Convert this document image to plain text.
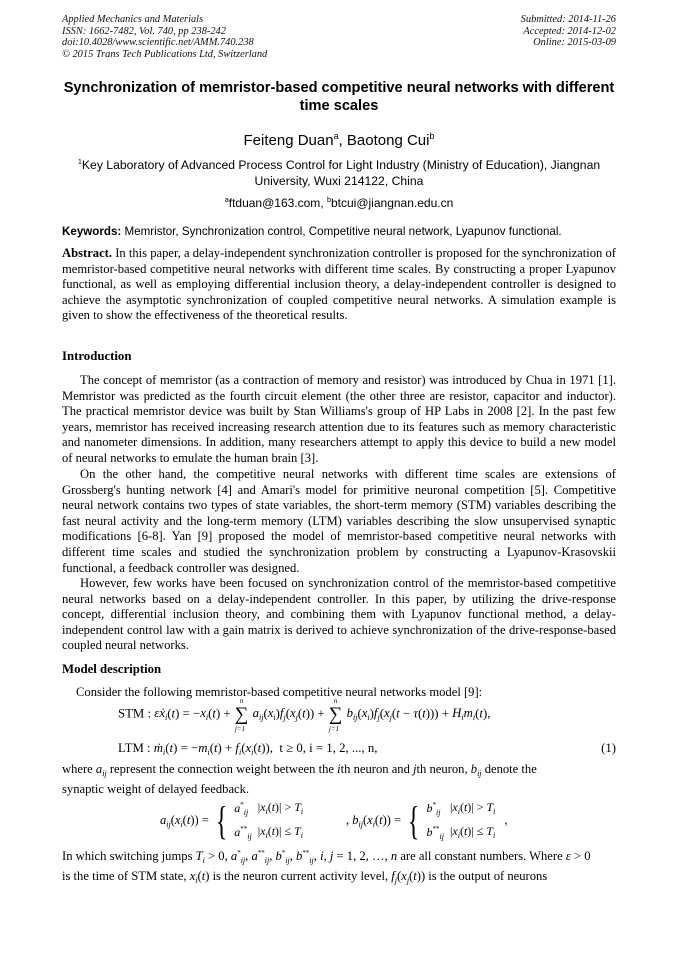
Applied Mechanics and Materials
ISSN: 1662-7482, Vol. 740, pp 238-242
doi:10.4028/www.scientific.net/AMM.740.238
© 2015 Trans Tech Publications Ltd, Switzerland
Submitted: 2014-11-26
Accepted: 2014-12-02
Online: 2015-03-09
Synchronization of memristor-based competitive neural networks with different time scales
Feiteng Duan$^a$, Baotong Cui$^b$
$^1$Key Laboratory of Advanced Process Control for Light Industry (Ministry of Education), Jiangnan University, Wuxi 214122, China
$^a$ftduan@163.com, $^b$btcui@jiangnan.edu.cn
Keywords: Memristor, Synchronization control, Competitive neural network, Lyapunov functional.

Abstract. In this paper, a delay-independent synchronization controller is proposed for the synchronization of memristor-based competitive neural networks with different time scales. By constructing a proper Lyapunov functional, as well as employing differential inclusion theory, a delay-independent controller is designed to achieve the asymptotic synchronization of coupled competitive neural networks. A simulation example is given to show the effectiveness of the theoretical results.

Introduction

The concept of memristor (as a contraction of memory and resistor) was introduced by Chua in 1971 [1]. Memristor was predicted as the fourth circuit element (the other three are resistor, capacitor and inductor). The practical memristor device was built by Stan Williams's group of HP Labs in 2008 [2]. In the past few years, memristor has received increasing research attention due to its features such as memory characteristic and nanometer dimensions. In addition, many researchers attempt to apply this device to build a new model of neural networks to emulate the human brain [3].

On the other hand, the competitive neural networks with different time scales are extensions of Grossberg's hunting network [4] and Amari's model for primitive neuronal competition [5]. Competitive neural network contains two types of state variables, the short-term memory (STM) variables describing the fast neural activity and the long-term memory (LTM) variables describing the slow unsupervised synaptic modifications [6-8]. Yan [9] proposed the model of memristor-based competitive neural networks with different time scales and studied the synchronization problem by constructing a Lyapunov-Krasovskii functional, a feedback controller was designed.

However, few works have been focused on synchronization control of the memristor-based competitive neural networks based on a delay-independent controller. In this paper, by utilizing the drive-response concept, differential inclusion theory, and combining them with Lyapunov functional method, a delay-independent control law with a gain matrix is derived to achieve synchronization of the drive-response-based coupled neural networks.

Model description

Consider the following memristor-based competitive neural networks model [9]:

STM : εẋ$_i$(t) = $-x_i(t)$ + ∑
n
j=1
$a_{ij}(x_i)f_j(x_j(t))$ + ∑
n
j=1
$b_{ij}(x_i)f_j(x_j(t - \tau(t))) + H_im_i(t)$,
LTM : ṁ$_i$(t) = $-m_i(t) + f_i(x_i(t))$,  t ≥ 0, i = 1, 2, ..., n,	(1)

where $a_{ij}$ represent the connection weight between the ith neuron and jth neuron, $b_{ij}$ denote the
synaptic weight of delayed feedback.

$a_{ij}(x_i(t))$ = { $a^*_{ij}$	$|x_i(t)| > T_i$
$a^{**}_{ij}$	$|x_i(t)| \le T_i$
, $b_{ij}(x_i(t))$ = { $b^*_{ij}$	$|x_i(t)| > T_i$
$b^{**}_{ij}$	$|x_i(t)| \le T_i$ ,

In which switching jumps $T_i > 0$, $a^*_{ij}$, $a^{**}_{ij}$, $b^*_{ij}$, $b^{**}_{ij}$, i, j = 1, 2, …, n are all constant numbers. Where ε > 0
is the time of STM state, $x_i(t)$ is the neuron current activity level, $f_j(x_j(t))$ is the output of neurons
